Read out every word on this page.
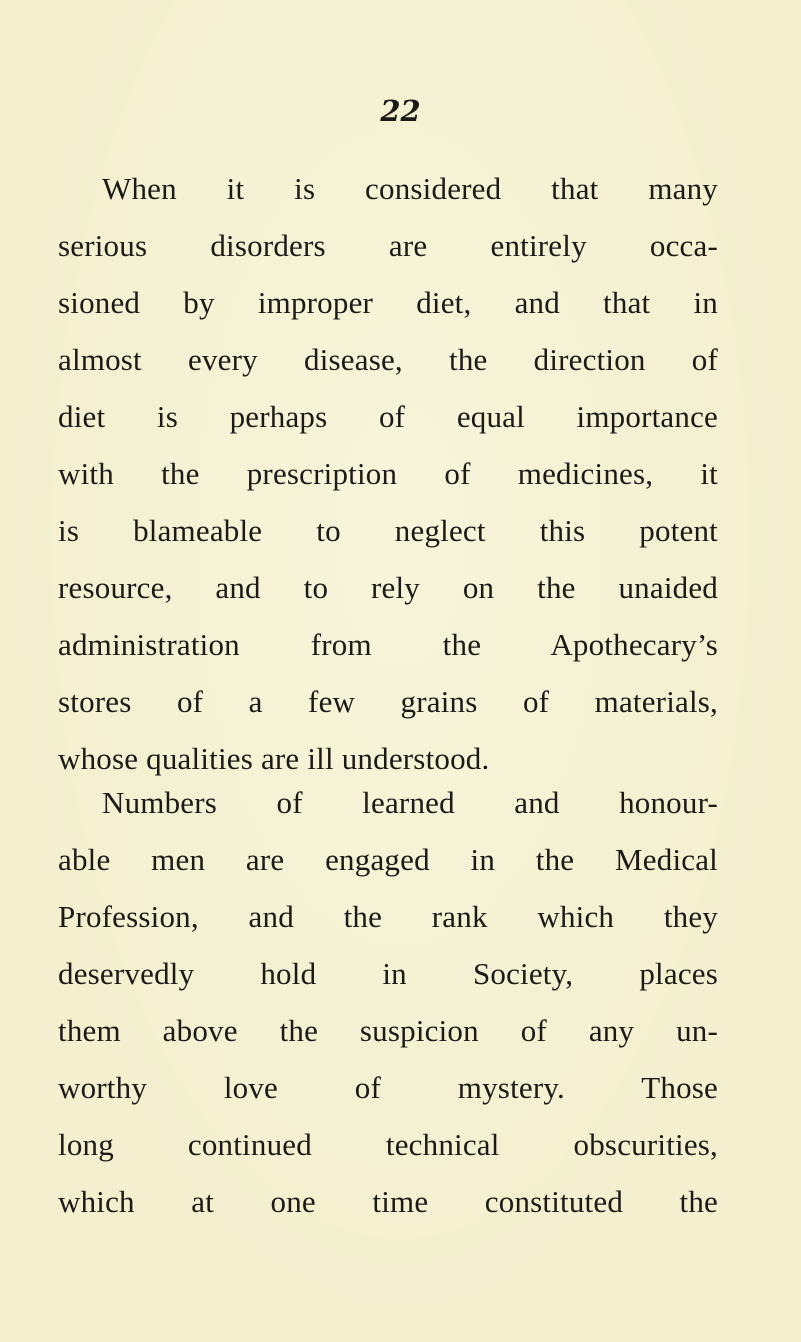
22
When it is considered that many
serious disorders are entirely occa-
sioned by improper diet, and that in
almost every disease, the direction of
diet is perhaps of equal importance
with the prescription of medicines, it
is blameable to neglect this potent
resource, and to rely on the unaided
administration from the Apothecary’s
stores of a few grains of materials,
whose qualities are ill understood.
Numbers of learned and honour-
able men are engaged in the Medical
Profession, and the rank which they
deservedly hold in Society, places
them above the suspicion of any un-
worthy love of mystery. Those
long continued technical obscurities,
which at one time constituted the
